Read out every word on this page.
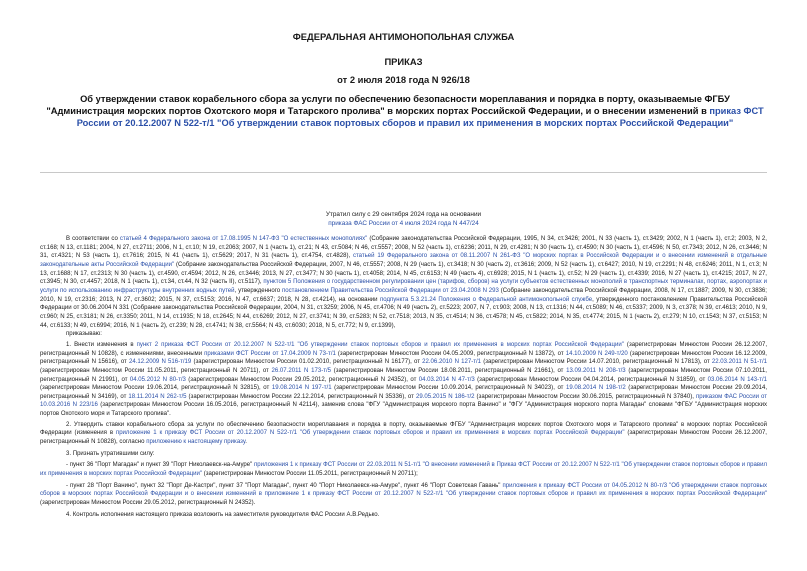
ФЕДЕРАЛЬНАЯ АНТИМОНОПОЛЬНАЯ СЛУЖБА
ПРИКАЗ
от 2 июля 2018 года N 926/18
Об утверждении ставок корабельного сбора за услуги по обеспечению безопасности мореплавания и порядка в порту, оказываемые ФГБУ "Администрация морских портов Охотского моря и Татарского пролива" в морских портах Российской Федерации, и о внесении изменений в приказ ФСТ России от 20.12.2007 N 522-т/1 "Об утверждении ставок портовых сборов и правил их применения в морских портах Российской Федерации"
Утратил силу с 29 сентября 2024 года на основании
приказа ФАС России от 4 июля 2024 года N 447/24

В соответствии со статьей 4 Федерального закона от 17.08.1995 N 147-ФЗ "О естественных монополиях" (Собрание законодательства Российской Федерации, 1995, N 34, ст.3426; 2001, N 33 (часть 1), ст.3429; 2002, N 1 (часть 1), ст.2; 2003, N 2, ст.168; N 13, ст.1181; 2004, N 27, ст.2711; 2006, N 1, ст.10; N 19, ст.2063; 2007, N 1 (часть 1), ст.21; N 43, ст.5084; N 46, ст.5557; 2008, N 52 (часть 1), ст.6236; 2011, N 29, ст.4281; N 30 (часть 1), ст.4590; N 30 (часть 1), ст.4596; N 50, ст.7343; 2012, N 26, ст.3446; N 31, ст.4321; N 53 (часть 1), ст.7616; 2015, N 41 (часть 1), ст.5629; 2017, N 31 (часть 1), ст.4754, ст.4828), статьей 19 Федерального закона от 08.11.2007 N 261-ФЗ "О морских портах в Российской Федерации и о внесении изменений в отдельные законодательные акты Российской Федерации" (Собрание законодательства Российской Федерации, 2007, N 46, ст.5557; 2008, N 29 (часть 1), ст.3418; N 30 (часть 2), ст.3616; 2009, N 52 (часть 1), ст.6427; 2010, N 19, ст.2291; N 48, ст.6246; 2011, N 1, ст.3; N 13, ст.1688; N 17, ст.2313; N 30 (часть 1), ст.4590, ст.4594; 2012, N 26, ст.3446; 2013, N 27, ст.3477; N 30 (часть 1), ст.4058; 2014, N 45, ст.6153; N 49 (часть 4), ст.6928; 2015, N 1 (часть 1), ст.52; N 29 (часть 1), ст.4339; 2016, N 27 (часть 1), ст.4215; 2017, N 27, ст.3945; N 30, ст.4457; 2018, N 1 (часть 1), ст.34, ст.44, N 32 (часть II), ст.5117), пунктом 5 Положения о государственном регулировании цен (тарифов, сборов) на услуги субъектов естественных монополий в транспортных терминалах, портах, аэропортах и услуги по использованию инфраструктуры внутренних водных путей, утвержденного постановлением Правительства Российской Федерации от 23.04.2008 N 293 (Собрание законодательства Российской Федерации, 2008, N 17, ст.1887; 2009, N 30, ст.3836; 2010, N 19, ст.2316; 2013, N 27, ст.3602; 2015, N 37, ст.5153; 2016, N 47, ст.6637; 2018, N 28, ст.4214), на основании подпункта 5.3.21.24 Положения о Федеральной антимонопольной службе, утвержденного постановлением Правительства Российской Федерации от 30.06.2004 N 331 (Собрание законодательства Российской Федерации, 2004, N 31, ст.3259; 2006, N 45, ст.4706; N 49 (часть 2), ст.5223; 2007, N 7, ст.903; 2008, N 13, ст.1316; N 44, ст.5089; N 46, ст.5337; 2009, N 3, ст.378; N 39, ст.4613; 2010, N 9, ст.960; N 25, ст.3181; N 26, ст.3350; 2011, N 14, ст.1935; N 18, ст.2645; N 44, ст.6269; 2012, N 27, ст.3741; N 39, ст.5283; N 52, ст.7518; 2013, N 35, ст.4514; N 36, ст.4578; N 45, ст.5822; 2014, N 35, ст.4774; 2015, N 1 (часть 2), ст.279; N 10, ст.1543; N 37, ст.5153; N 44, ст.6133; N 49, ст.6994; 2016, N 1 (часть 2), ст.239; N 28, ст.4741; N 38, ст.5564; N 43, ст.6030; 2018, N 5, ст.772; N 9, ст.1399),

приказываю:

1. Внести изменения в пункт 2 приказа ФСТ России от 20.12.2007 N 522-т/1 "Об утверждении ставок портовых сборов и правил их применения в морских портах Российской Федерации" (зарегистрирован Минюстом России 26.12.2007, регистрационный N 10828), с изменениями, внесенными приказами ФСТ России от 17.04.2009 N 73-т/1 (зарегистрирован Минюстом России 04.05.2009, регистрационный N 13872), от 14.10.2009 N 249-т/20 (зарегистрирован Минюстом России 16.12.2009, регистрационный N 15616), от 24.12.2009 N 516-т/19 (зарегистрирован Минюстом России 01.02.2010, регистрационный N 16177), от 22.06.2010 N 127-т/1 (зарегистрирован Минюстом России 14.07.2010, регистрационный N 17813), от 22.03.2011 N 51-т/1 (зарегистрирован Минюстом России 11.05.2011, регистрационный N 20711), от 26.07.2011 N 173-т/5 (зарегистрирован Минюстом России 18.08.2011, регистрационный N 21661), от 13.09.2011 N 208-т/3 (зарегистрирован Минюстом России 07.10.2011, регистрационный N 21991), от 04.05.2012 N 80-т/3 (зарегистрирован Минюстом России 29.05.2012, регистрационный N 24352), от 04.03.2014 N 47-т/3 (зарегистрирован Минюстом России 04.04.2014, регистрационный N 31859), от 03.06.2014 N 143-т/1 (зарегистрирован Минюстом России 19.06.2014, регистрационный N 32815), от 19.08.2014 N 197-т/1 (зарегистрирован Минюстом России 10.09.2014, регистрационный N 34023), от 19.08.2014 N 198-т/2 (зарегистрирован Минюстом России 29.09.2014, регистрационный N 34169), от 18.11.2014 N 262-т/5 (зарегистрирован Минюстом России 22.12.2014, регистрационный N 35336), от 29.05.2015 N 186-т/2 (зарегистрирован Минюстом России 30.06.2015, регистрационный N 37840), приказом ФАС России от 10.03.2016 N 223/16 (зарегистрирован Минюстом России 16.05.2016, регистрационный N 42114), заменив слова "ФГУ "Администрация морского порта Ванино" и "ФГУ "Администрация морского порта Магадан" словами "ФГБУ "Администрация морских портов Охотского моря и Татарского пролива".

2. Утвердить ставки корабельного сбора за услуги по обеспечению безопасности мореплавания и порядка в порту, оказываемые ФГБУ "Администрация морских портов Охотского моря и Татарского пролива" в морских портах Российской Федерации (изменения в приложение 1 к приказу ФСТ России от 20.12.2007 N 522-т/1 "Об утверждении ставок портовых сборов и правил их применения в морских портах Российской Федерации" (зарегистрирован Минюстом России 26.12.2007, регистрационный N 10828), согласно приложению к настоящему приказу.

3. Признать утратившими силу:

- пункт 36 "Порт Магадан" и пункт 39 "Порт Николаевск-на-Амуре" приложения 1 к приказу ФСТ России от 22.03.2011 N 51-т/1 "О внесении изменений в Приказ ФСТ России от 20.12.2007 N 522-т/1 "Об утверждении ставок портовых сборов и правил их применения в морских портах Российской Федерации" (зарегистрирован Минюстом России 11.05.2011, регистрационный N 20711);

- пункт 28 "Порт Ванино", пункт 32 "Порт Де-Кастри", пункт 37 "Порт Магадан", пункт 40 "Порт Николаевск-на-Амуре", пункт 46 "Порт Советская Гавань" приложения к приказу ФСТ России от 04.05.2012 N 80-т/3 "Об утверждении ставок портовых сборов в морских портах Российской Федерации и о внесении изменений в приложение 1 к приказу ФСТ России от 20.12.2007 N 522-т/1 "Об утверждении ставок портовых сборов и правил их применения в морских портах Российской Федерации" (зарегистрирован Минюстом России 29.05.2012, регистрационный N 24352).

4. Контроль исполнения настоящего приказа возложить на заместителя руководителя ФАС России А.В.Редько.
